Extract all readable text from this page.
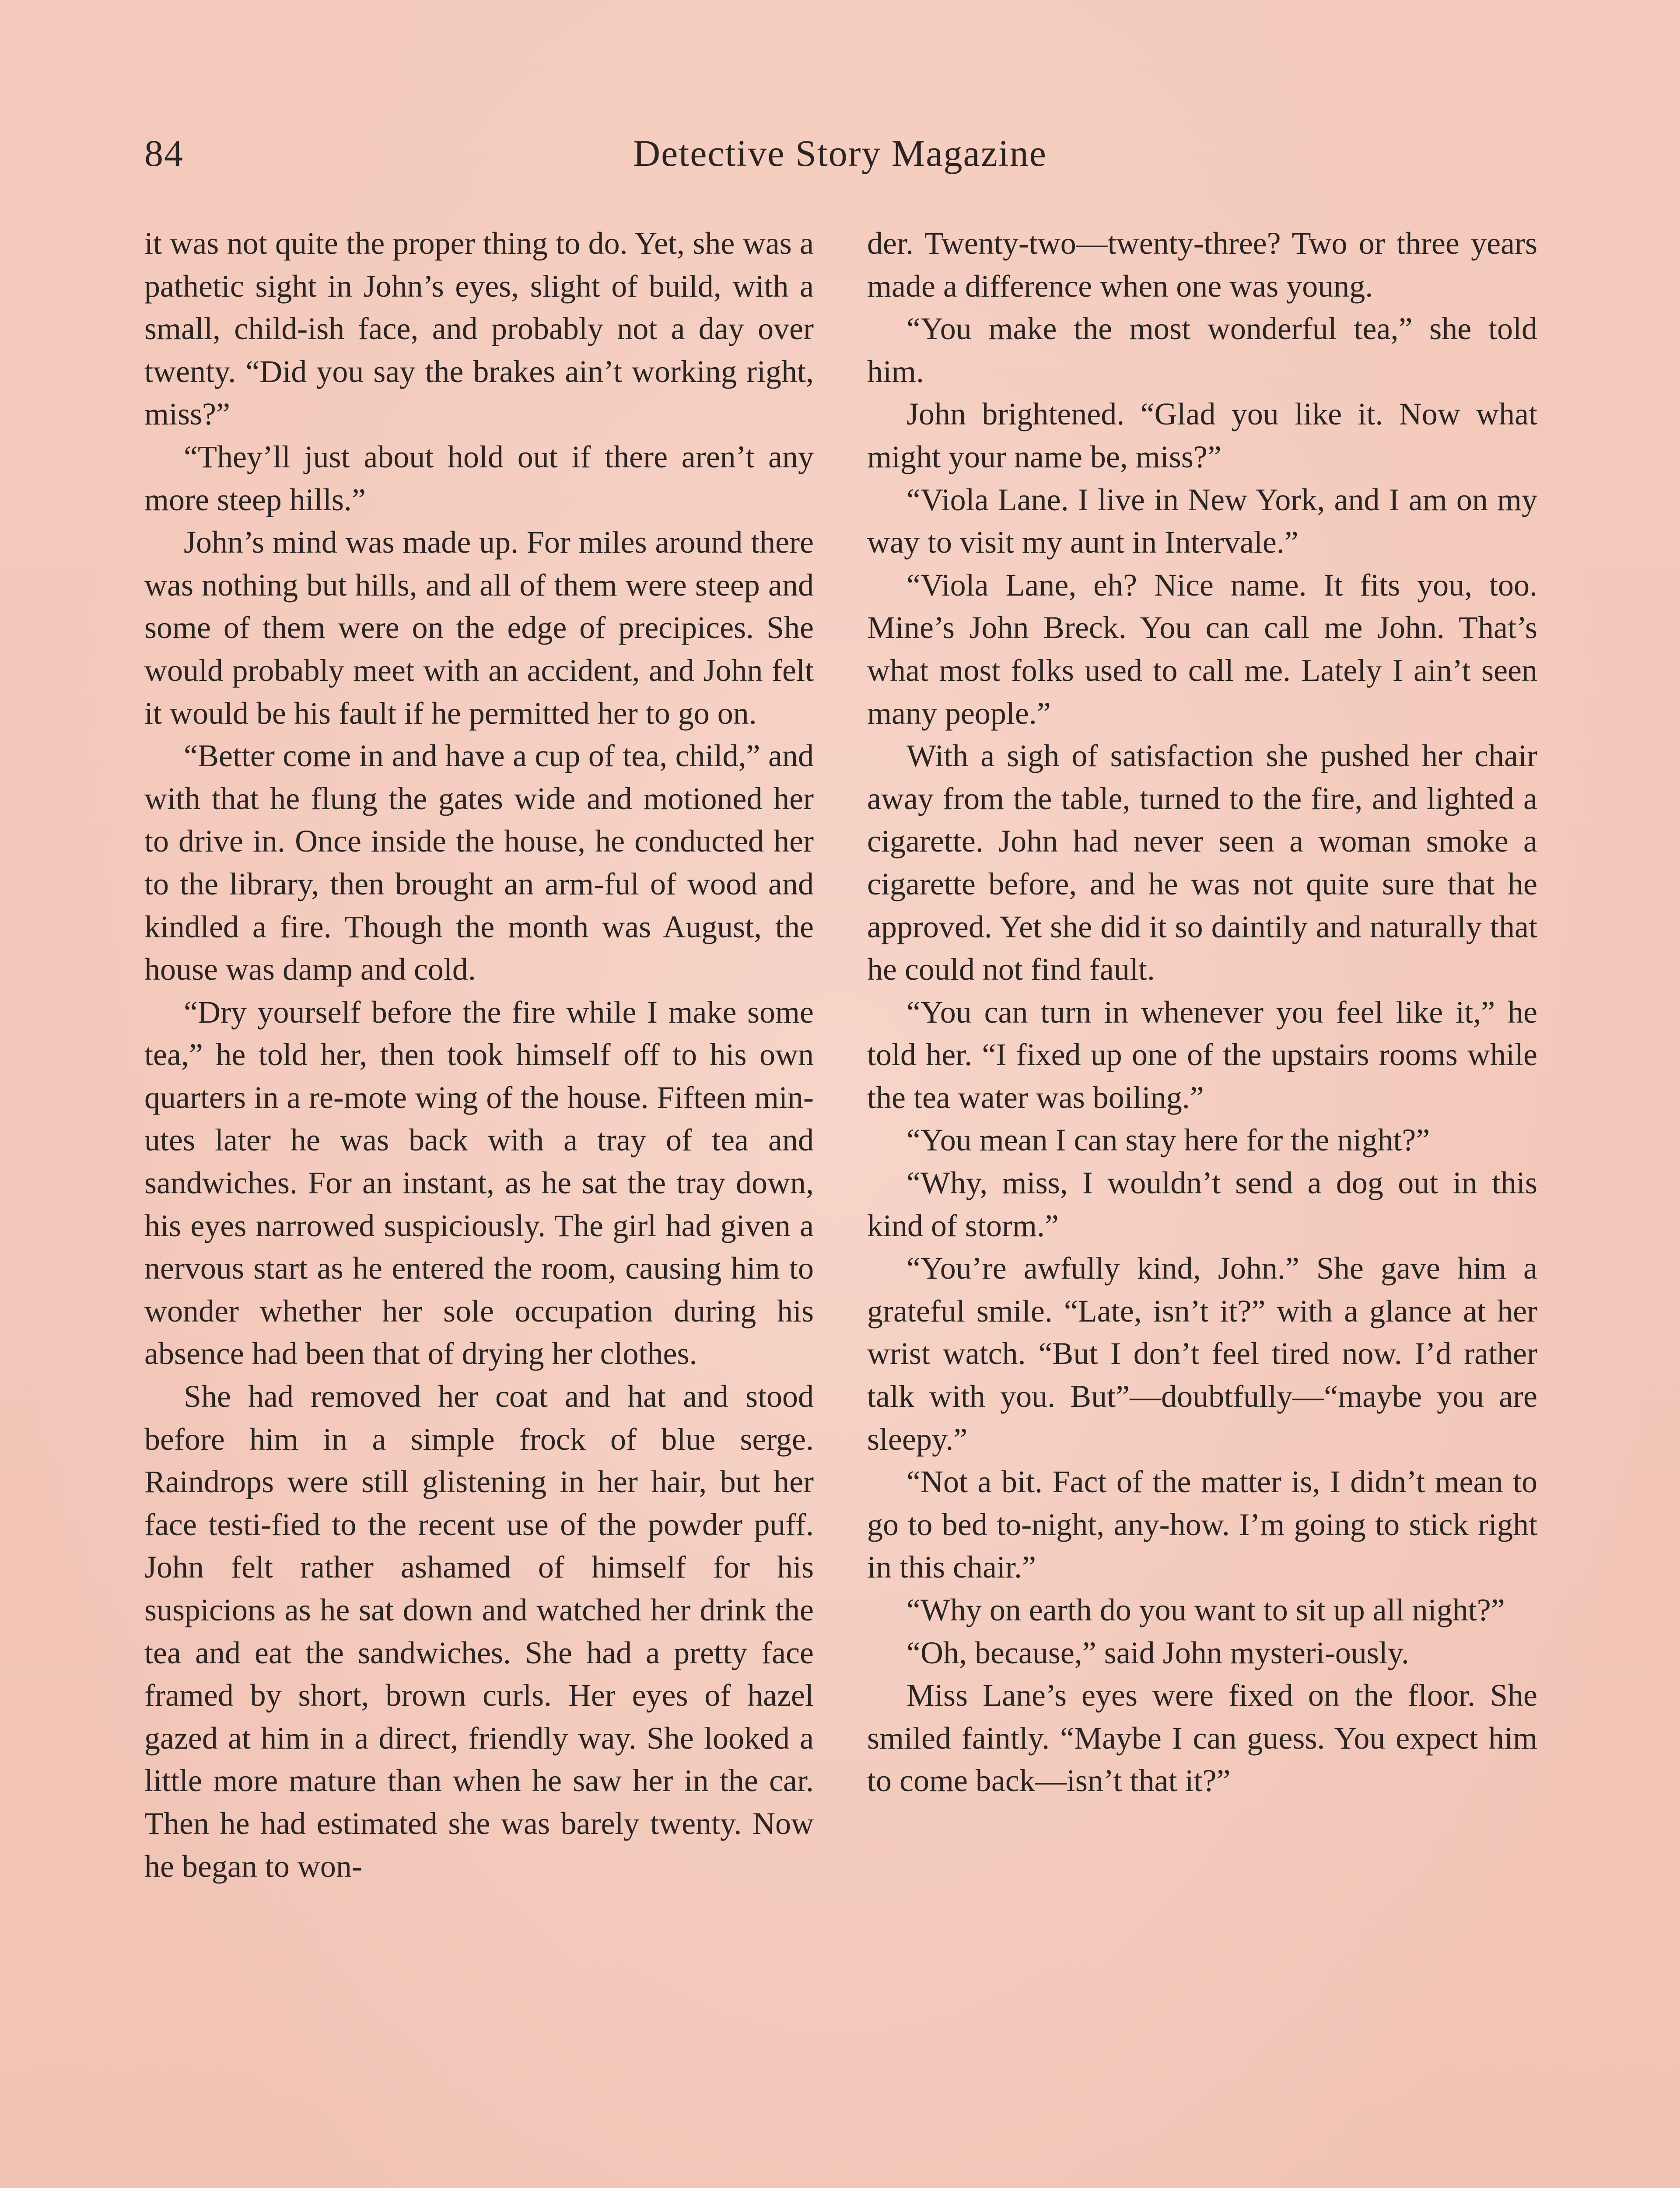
84	Detective Story Magazine

it was not quite the proper thing to do. Yet, she was a pathetic sight in John’s eyes, slight of build, with a small, child-ish face, and probably not a day over twenty. “Did you say the brakes ain’t working right, miss?”

“They’ll just about hold out if there aren’t any more steep hills.”

John’s mind was made up. For miles around there was nothing but hills, and all of them were steep and some of them were on the edge of precipices. She would probably meet with an accident, and John felt it would be his fault if he permitted her to go on.

“Better come in and have a cup of tea, child,” and with that he flung the gates wide and motioned her to drive in. Once inside the house, he conducted her to the library, then brought an arm-ful of wood and kindled a fire. Though the month was August, the house was damp and cold.

“Dry yourself before the fire while I make some tea,” he told her, then took himself off to his own quarters in a re-mote wing of the house. Fifteen min-utes later he was back with a tray of tea and sandwiches. For an instant, as he sat the tray down, his eyes narrowed suspiciously. The girl had given a nervous start as he entered the room, causing him to wonder whether her sole occupation during his absence had been that of drying her clothes.

She had removed her coat and hat and stood before him in a simple frock of blue serge. Raindrops were still glistening in her hair, but her face testi-fied to the recent use of the powder puff. John felt rather ashamed of himself for his suspicions as he sat down and watched her drink the tea and eat the sandwiches. She had a pretty face framed by short, brown curls. Her eyes of hazel gazed at him in a direct, friendly way. She looked a little more mature than when he saw her in the car. Then he had estimated she was barely twenty. Now he began to won-

der. Twenty-two—twenty-three? Two or three years made a difference when one was young.

“You make the most wonderful tea,” she told him.

John brightened. “Glad you like it. Now what might your name be, miss?”

“Viola Lane. I live in New York, and I am on my way to visit my aunt in Intervale.”

“Viola Lane, eh? Nice name. It fits you, too. Mine’s John Breck. You can call me John. That’s what most folks used to call me. Lately I ain’t seen many people.”

With a sigh of satisfaction she pushed her chair away from the table, turned to the fire, and lighted a cigarette. John had never seen a woman smoke a cigarette before, and he was not quite sure that he approved. Yet she did it so daintily and naturally that he could not find fault.

“You can turn in whenever you feel like it,” he told her. “I fixed up one of the upstairs rooms while the tea water was boiling.”

“You mean I can stay here for the night?”

“Why, miss, I wouldn’t send a dog out in this kind of storm.”

“You’re awfully kind, John.” She gave him a grateful smile. “Late, isn’t it?” with a glance at her wrist watch. “But I don’t feel tired now. I’d rather talk with you. But”—doubtfully—“maybe you are sleepy.”

“Not a bit. Fact of the matter is, I didn’t mean to go to bed to-night, any-how. I’m going to stick right in this chair.”

“Why on earth do you want to sit up all night?”

“Oh, because,” said John mysteri-ously.

Miss Lane’s eyes were fixed on the floor. She smiled faintly. “Maybe I can guess. You expect him to come back—isn’t that it?”
